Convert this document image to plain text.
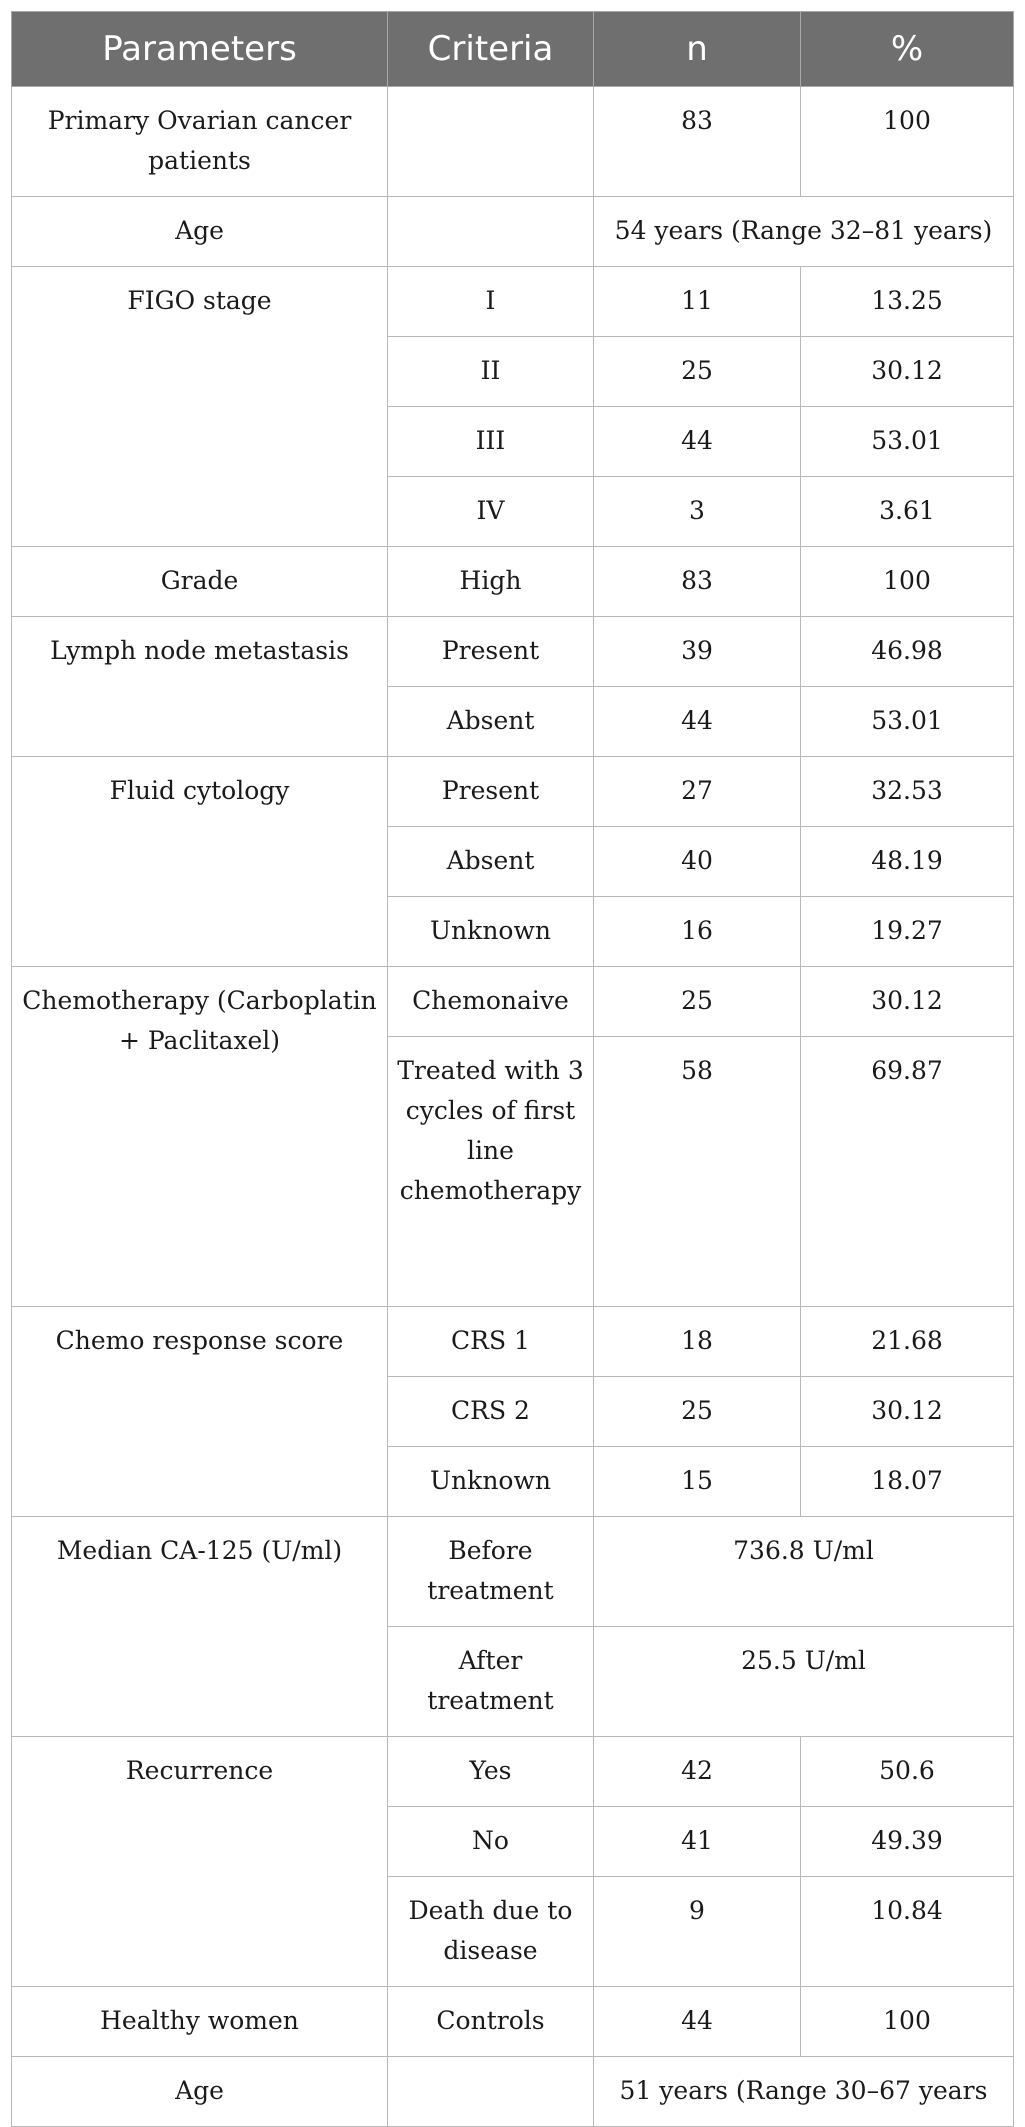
Parameters	Criteria	n	%
Primary Ovarian cancer patients		83	100
Age		54 years (Range 32–81 years)	
FIGO stage	I	11	13.25
	II	25	30.12
	III	44	53.01
	IV	3	3.61
Grade	High	83	100
Lymph node metastasis	Present	39	46.98
	Absent	44	53.01
Fluid cytology	Present	27	32.53
	Absent	40	48.19
	Unknown	16	19.27
Chemotherapy (Carboplatin + Paclitaxel)	Chemonaive	25	30.12
	Treated with 3 cycles of first line chemotherapy	58	69.87
Chemo response score	CRS 1	18	21.68
	CRS 2	25	30.12
	Unknown	15	18.07
Median CA-125 (U/ml)	Before treatment	736.8 U/ml	
	After treatment	25.5 U/ml	
Recurrence	Yes	42	50.6
	No	41	49.39
	Death due to disease	9	10.84
Healthy women	Controls	44	100
Age		51 years (Range 30–67 years	
